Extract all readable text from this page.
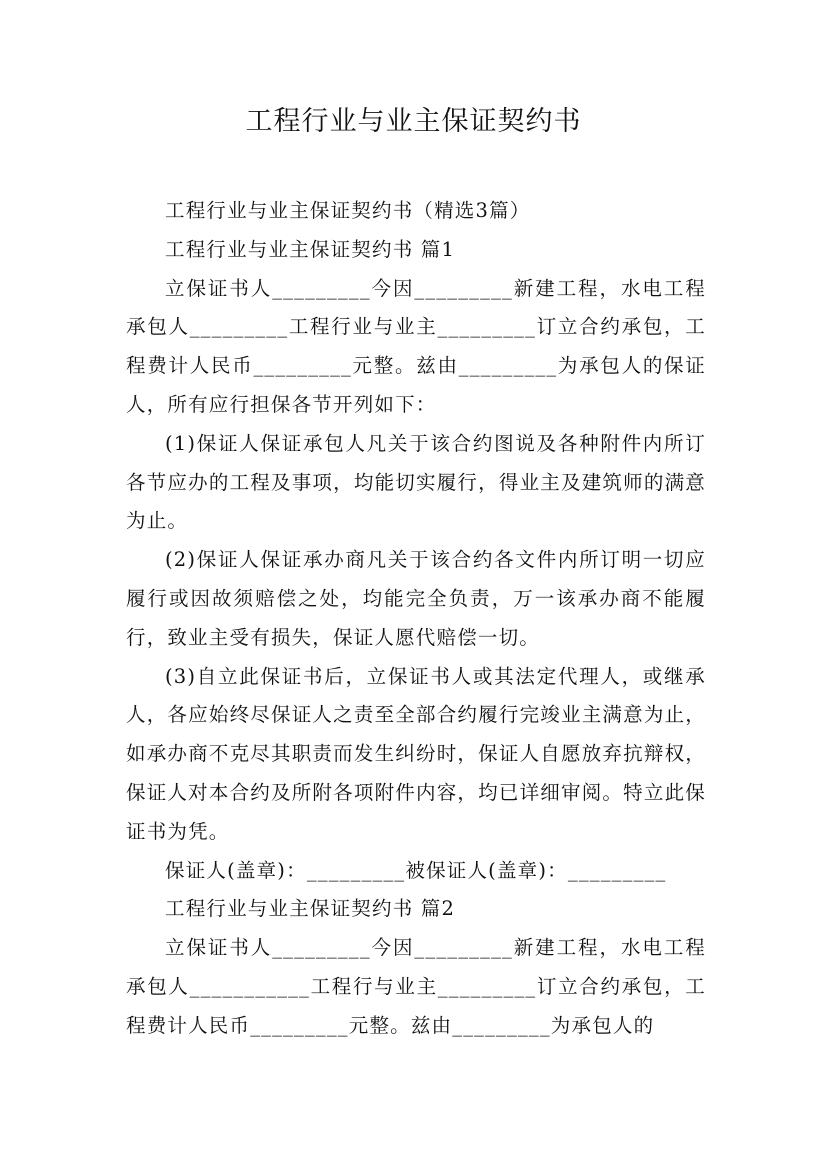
工程行业与业主保证契约书

工程行业与业主保证契约书（精选3篇）

工程行业与业主保证契约书 篇1

立保证书人_________今因_________新建工程，水电工程承包人_________工程行业与业主_________订立合约承包，工程费计人民币_________元整。兹由_________为承包人的保证人，所有应行担保各节开列如下：

(1)保证人保证承包人凡关于该合约图说及各种附件内所订各节应办的工程及事项，均能切实履行，得业主及建筑师的满意为止。

(2)保证人保证承办商凡关于该合约各文件内所订明一切应履行或因故须赔偿之处，均能完全负责，万一该承办商不能履行，致业主受有损失，保证人愿代赔偿一切。

(3)自立此保证书后，立保证书人或其法定代理人，或继承人，各应始终尽保证人之责至全部合约履行完竣业主满意为止，如承办商不克尽其职责而发生纠纷时，保证人自愿放弃抗辩权，保证人对本合约及所附各项附件内容，均已详细审阅。特立此保证书为凭。

保证人(盖章)：_________被保证人(盖章)：_________

工程行业与业主保证契约书 篇2

立保证书人_________今因_________新建工程，水电工程承包人___________工程行与业主_________订立合约承包，工程费计人民币_________元整。兹由_________为承包人的
